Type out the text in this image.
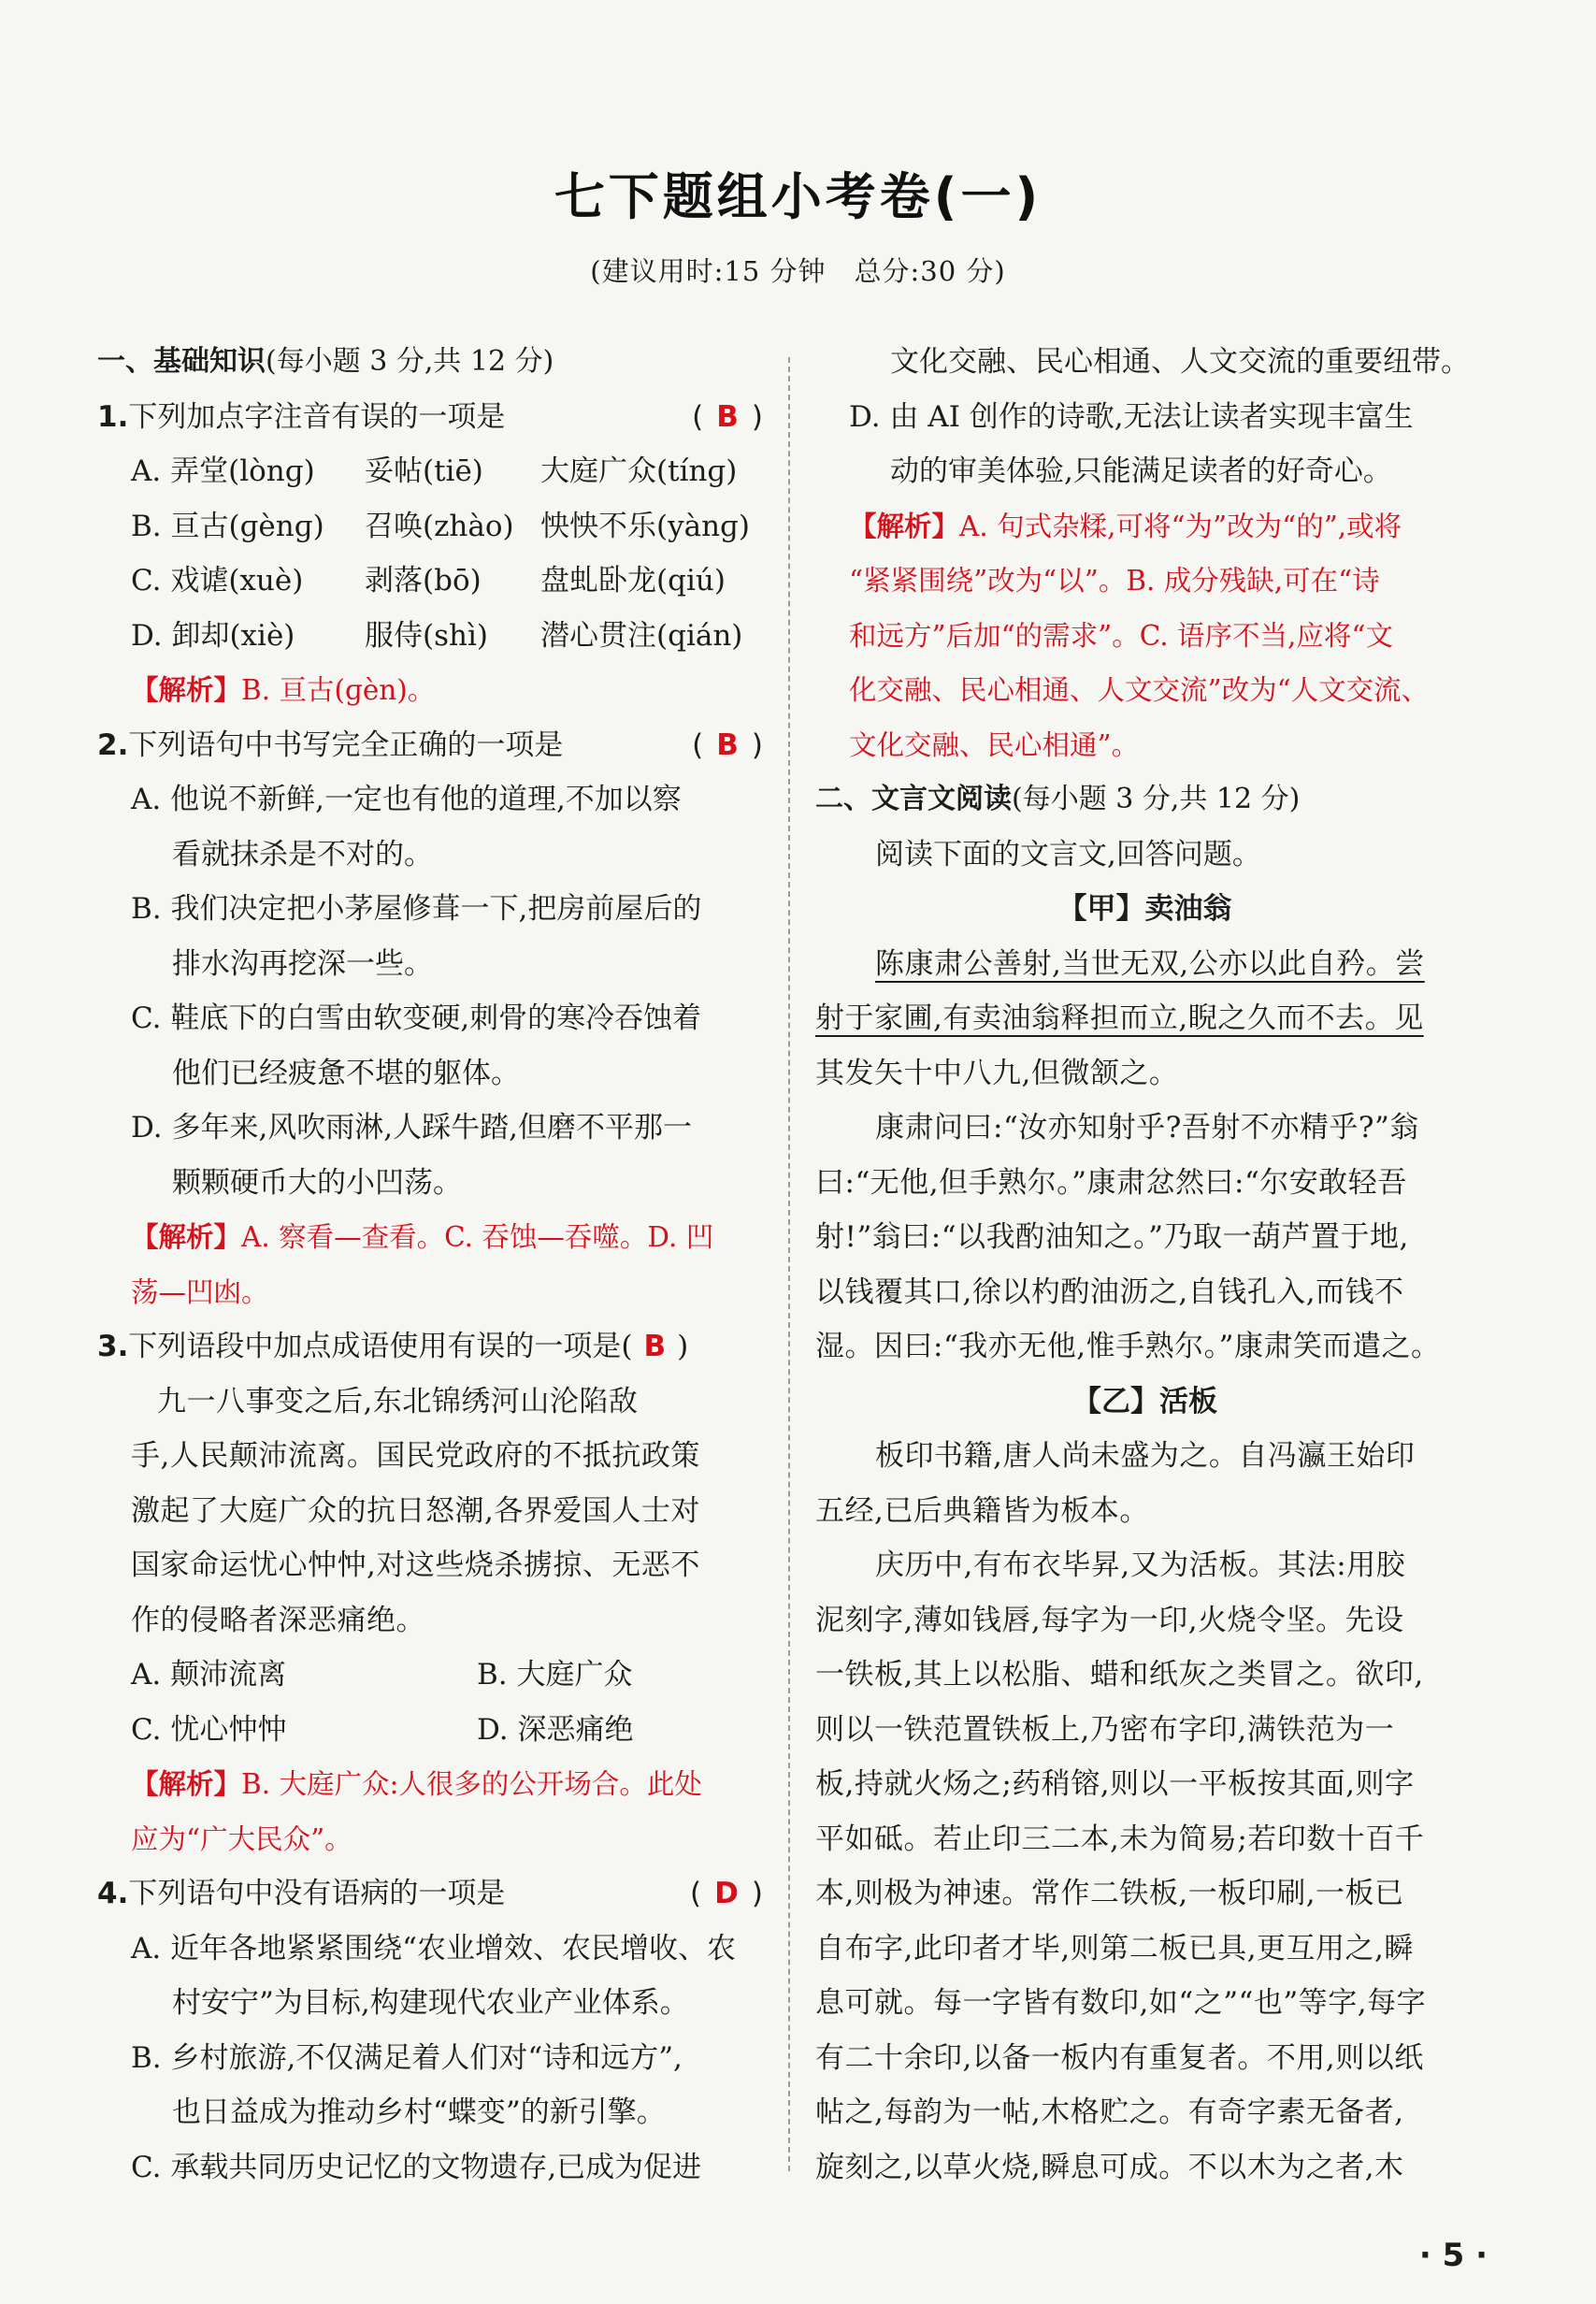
七下题组小考卷(一)
(建议用时:15 分钟　总分:30 分)
一、基础知识(每小题 3 分,共 12 分)
1.下列加点字注音有误的一项是	( B )
A. 弄堂(lònɡ)	妥帖(tiē)	大庭广众(tínɡ)
B. 亘古(ɡènɡ)	召唤(zhào) 怏怏不乐(yànɡ)
C. 戏谑(xuè)	剥落(bō)	盘虬卧龙(qiú)
D. 卸却(xiè)	服侍(shì)	潜心贯注(qián)
【解析】B. 亘古(ɡèn)。
2.下列语句中书写完全正确的一项是	( B )
A. 他说不新鲜,一定也有他的道理,不加以察
看就抹杀是不对的。
B. 我们决定把小茅屋修葺一下,把房前屋后的
排水沟再挖深一些。
C. 鞋底下的白雪由软变硬,刺骨的寒冷吞蚀着
他们已经疲惫不堪的躯体。
D. 多年来,风吹雨淋,人踩牛踏,但磨不平那一
颗颗硬币大的小凹荡。
【解析】A. 察看—查看。C. 吞蚀—吞噬。D. 凹
荡—凹凼。
3.下列语段中加点成语使用有误的一项是( B )
九一八事变之后,东北锦绣河山沦陷敌
手,人民颠沛流离。国民党政府的不抵抗政策
激起了大庭广众的抗日怒潮,各界爱国人士对
国家命运忧心忡忡,对这些烧杀掳掠、无恶不
作的侵略者深恶痛绝。
A. 颠沛流离	B. 大庭广众
C. 忧心忡忡	D. 深恶痛绝
【解析】B. 大庭广众:人很多的公开场合。此处
应为“广大民众”。
4.下列语句中没有语病的一项是	( D )
A. 近年各地紧紧围绕“农业增效、农民增收、农
村安宁”为目标,构建现代农业产业体系。
B. 乡村旅游,不仅满足着人们对“诗和远方”,
也日益成为推动乡村“蝶变”的新引擎。
C. 承载共同历史记忆的文物遗存,已成为促进
文化交融、民心相通、人文交流的重要纽带。
D. 由 AI 创作的诗歌,无法让读者实现丰富生
动的审美体验,只能满足读者的好奇心。
【解析】A. 句式杂糅,可将“为”改为“的”,或将
“紧紧围绕”改为“以”。B. 成分残缺,可在“诗
和远方”后加“的需求”。C. 语序不当,应将“文
化交融、民心相通、人文交流”改为“人文交流、
文化交融、民心相通”。
二、文言文阅读(每小题 3 分,共 12 分)
阅读下面的文言文,回答问题。
【甲】卖油翁
陈康肃公善射,当世无双,公亦以此自矜。尝
射于家圃,有卖油翁释担而立,睨之久而不去。见
其发矢十中八九,但微颔之。
康肃问曰:“汝亦知射乎?吾射不亦精乎?”翁
曰:“无他,但手熟尔。”康肃忿然曰:“尔安敢轻吾
射!”翁曰:“以我酌油知之。”乃取一葫芦置于地,
以钱覆其口,徐以杓酌油沥之,自钱孔入,而钱不
湿。因曰:“我亦无他,惟手熟尔。”康肃笑而遣之。
【乙】活板
板印书籍,唐人尚未盛为之。自冯瀛王始印
五经,已后典籍皆为板本。
庆历中,有布衣毕昇,又为活板。其法:用胶
泥刻字,薄如钱唇,每字为一印,火烧令坚。先设
一铁板,其上以松脂、蜡和纸灰之类冒之。欲印,
则以一铁范置铁板上,乃密布字印,满铁范为一
板,持就火炀之;药稍镕,则以一平板按其面,则字
平如砥。若止印三二本,未为简易;若印数十百千
本,则极为神速。常作二铁板,一板印刷,一板已
自布字,此印者才毕,则第二板已具,更互用之,瞬
息可就。每一字皆有数印,如“之”“也”等字,每字
有二十余印,以备一板内有重复者。不用,则以纸
帖之,每韵为一帖,木格贮之。有奇字素无备者,
旋刻之,以草火烧,瞬息可成。不以木为之者,木
· 5 ·
